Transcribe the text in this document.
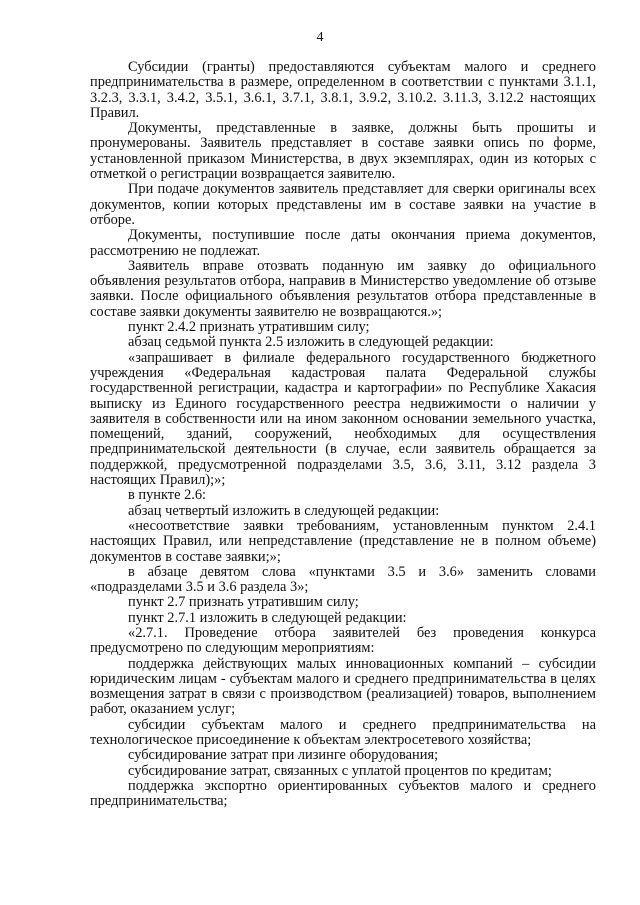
4

Субсидии (гранты) предоставляются субъектам малого и среднего предпринимательства в размере, определенном в соответствии с пунктами 3.1.1, 3.2.3, 3.3.1, 3.4.2, 3.5.1, 3.6.1, 3.7.1, 3.8.1, 3.9.2, 3.10.2. 3.11.3, 3.12.2 настоящих Правил.

Документы, представленные в заявке, должны быть прошиты и пронумерованы. Заявитель представляет в составе заявки опись по форме, установленной приказом Министерства, в двух экземплярах, один из которых с отметкой о регистрации возвращается заявителю.

При подаче документов заявитель представляет для сверки оригиналы всех документов, копии которых представлены им в составе заявки на участие в отборе.

Документы, поступившие после даты окончания приема документов, рассмотрению не подлежат.

Заявитель вправе отозвать поданную им заявку до официального объявления результатов отбора, направив в Министерство уведомление об отзыве заявки. После официального объявления результатов отбора представленные в составе заявки документы заявителю не возвращаются.»;

пункт 2.4.2 признать утратившим силу;

абзац седьмой пункта 2.5 изложить в следующей редакции:

«запрашивает в филиале федерального государственного бюджетного учреждения «Федеральная кадастровая палата Федеральной службы государственной регистрации, кадастра и картографии» по Республике Хакасия выписку из Единого государственного реестра недвижимости о наличии у заявителя в собственности или на ином законном основании земельного участка, помещений, зданий, сооружений, необходимых для осуществления предпринимательской деятельности (в случае, если заявитель обращается за поддержкой, предусмотренной подразделами 3.5, 3.6, 3.11, 3.12 раздела 3 настоящих Правил);»;

в пункте 2.6:

абзац четвертый изложить в следующей редакции:

«несоответствие заявки требованиям, установленным пунктом 2.4.1 настоящих Правил, или непредставление (представление не в полном объеме) документов в составе заявки;»;

в абзаце девятом слова «пунктами 3.5 и 3.6» заменить словами «подразделами 3.5 и 3.6 раздела 3»;

пункт 2.7 признать утратившим силу;

пункт 2.7.1 изложить в следующей редакции:

«2.7.1. Проведение отбора заявителей без проведения конкурса предусмотрено по следующим мероприятиям:

поддержка действующих малых инновационных компаний – субсидии юридическим лицам - субъектам малого и среднего предпринимательства в целях возмещения затрат в связи с производством (реализацией) товаров, выполнением работ, оказанием услуг;

субсидии субъектам малого и среднего предпринимательства на технологическое присоединение к объектам электросетевого хозяйства;

субсидирование затрат при лизинге оборудования;

субсидирование затрат, связанных с уплатой процентов по кредитам;

поддержка экспортно ориентированных субъектов малого и среднего предпринимательства;
